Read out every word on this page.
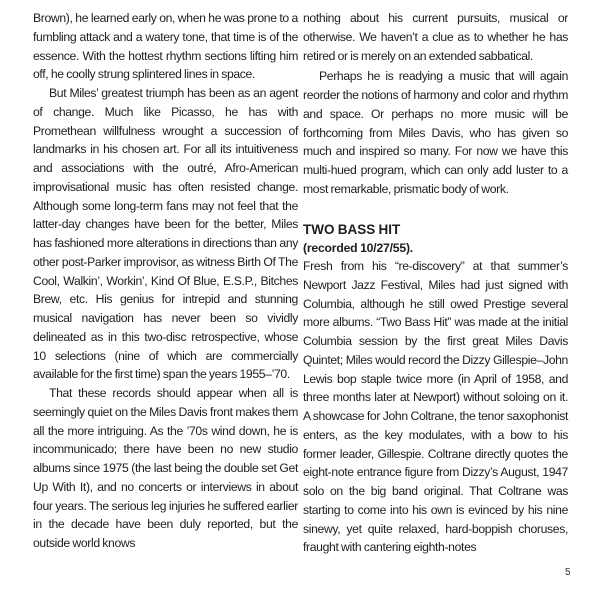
Brown), he learned early on, when he was prone to a fumbling attack and a watery tone, that time is of the essence. With the hottest rhythm sections lifting him off, he coolly strung splintered lines in space.

But Miles’ greatest triumph has been as an agent of change. Much like Picasso, he has with Promethean willfulness wrought a succession of landmarks in his chosen art. For all its intuitiveness and associations with the outré, Afro-American improvisational music has often resisted change. Although some long-term fans may not feel that the latter-day changes have been for the better, Miles has fashioned more alterations in directions than any other post-Parker improvisor, as witness Birth Of The Cool, Walkin’, Workin’, Kind Of Blue, E.S.P., Bitches Brew, etc. His genius for intrepid and stunning musical navigation has never been so vividly delineated as in this two-disc retrospective, whose 10 selections (nine of which are commercially available for the first time) span the years 1955–’70.

That these records should appear when all is seemingly quiet on the Miles Davis front makes them all the more intriguing. As the ’70s wind down, he is incommunicado; there have been no new studio albums since 1975 (the last being the double set Get Up With It), and no concerts or interviews in about four years. The serious leg injuries he suffered earlier in the decade have been duly reported, but the outside world knows

nothing about his current pursuits, musical or otherwise. We haven’t a clue as to whether he has retired or is merely on an extended sabbatical.

Perhaps he is readying a music that will again reorder the notions of harmony and color and rhythm and space. Or perhaps no more music will be forthcoming from Miles Davis, who has given so much and inspired so many. For now we have this multi-hued program, which can only add luster to a most remarkable, prismatic body of work.

TWO BASS HIT

(recorded 10/27/55).

Fresh from his “re-discovery” at that summer’s Newport Jazz Festival, Miles had just signed with Columbia, although he still owed Prestige several more albums. “Two Bass Hit” was made at the initial Columbia session by the first great Miles Davis Quintet; Miles would record the Dizzy Gillespie–John Lewis bop staple twice more (in April of 1958, and three months later at Newport) without soloing on it. A showcase for John Coltrane, the tenor saxophonist enters, as the key modulates, with a bow to his former leader, Gillespie. Coltrane directly quotes the eight-note entrance figure from Dizzy’s August, 1947 solo on the big band original. That Coltrane was starting to come into his own is evinced by his nine sinewy, yet quite relaxed, hard-boppish choruses, fraught with cantering eighth-notes

5
